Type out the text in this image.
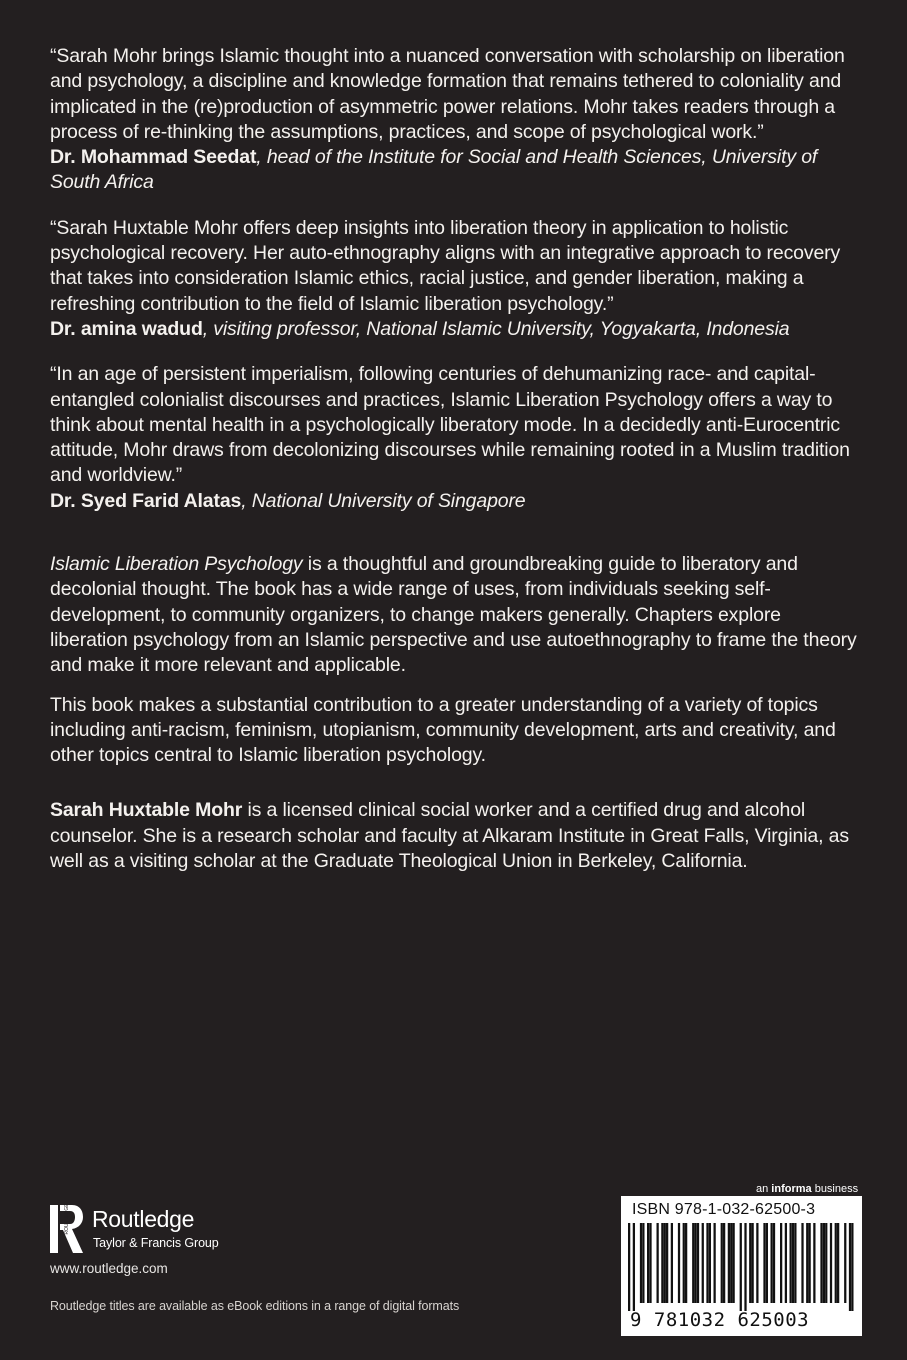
“Sarah Mohr brings Islamic thought into a nuanced conversation with scholarship on liberation and psychology, a discipline and knowledge formation that remains tethered to coloniality and implicated in the (re)production of asymmetric power relations. Mohr takes readers through a process of re-thinking the assumptions, practices, and scope of psychological work.”
Dr. Mohammad Seedat, head of the Institute for Social and Health Sciences, University of South Africa
“Sarah Huxtable Mohr offers deep insights into liberation theory in application to holistic psychological recovery. Her auto-ethnography aligns with an integrative approach to recovery that takes into consideration Islamic ethics, racial justice, and gender liberation, making a refreshing contribution to the field of Islamic liberation psychology.”
Dr. amina wadud, visiting professor, National Islamic University, Yogyakarta, Indonesia
“In an age of persistent imperialism, following centuries of dehumanizing race- and capital-entangled colonialist discourses and practices, Islamic Liberation Psychology offers a way to think about mental health in a psychologically liberatory mode. In a decidedly anti-Eurocentric attitude, Mohr draws from decolonizing discourses while remaining rooted in a Muslim tradition and worldview.”
Dr. Syed Farid Alatas, National University of Singapore

Islamic Liberation Psychology is a thoughtful and groundbreaking guide to liberatory and decolonial thought. The book has a wide range of uses, from individuals seeking self-development, to community organizers, to change makers generally. Chapters explore liberation psychology from an Islamic perspective and use autoethnography to frame the theory and make it more relevant and applicable.

This book makes a substantial contribution to a greater understanding of a variety of topics including anti-racism, feminism, utopianism, community development, arts and creativity, and other topics central to Islamic liberation psychology.

Sarah Huxtable Mohr is a licensed clinical social worker and a certified drug and alcohol counselor. She is a research scholar and faculty at Alkaram Institute in Great Falls, Virginia, as well as a visiting scholar at the Graduate Theological Union in Berkeley, California.

ROUTLEDGE Routledge
Taylor & Francis Group
www.routledge.com
Routledge titles are available as eBook editions in a range of digital formats
an informa business
ISBN 978-1-032-62500-3
9 781032 625003
